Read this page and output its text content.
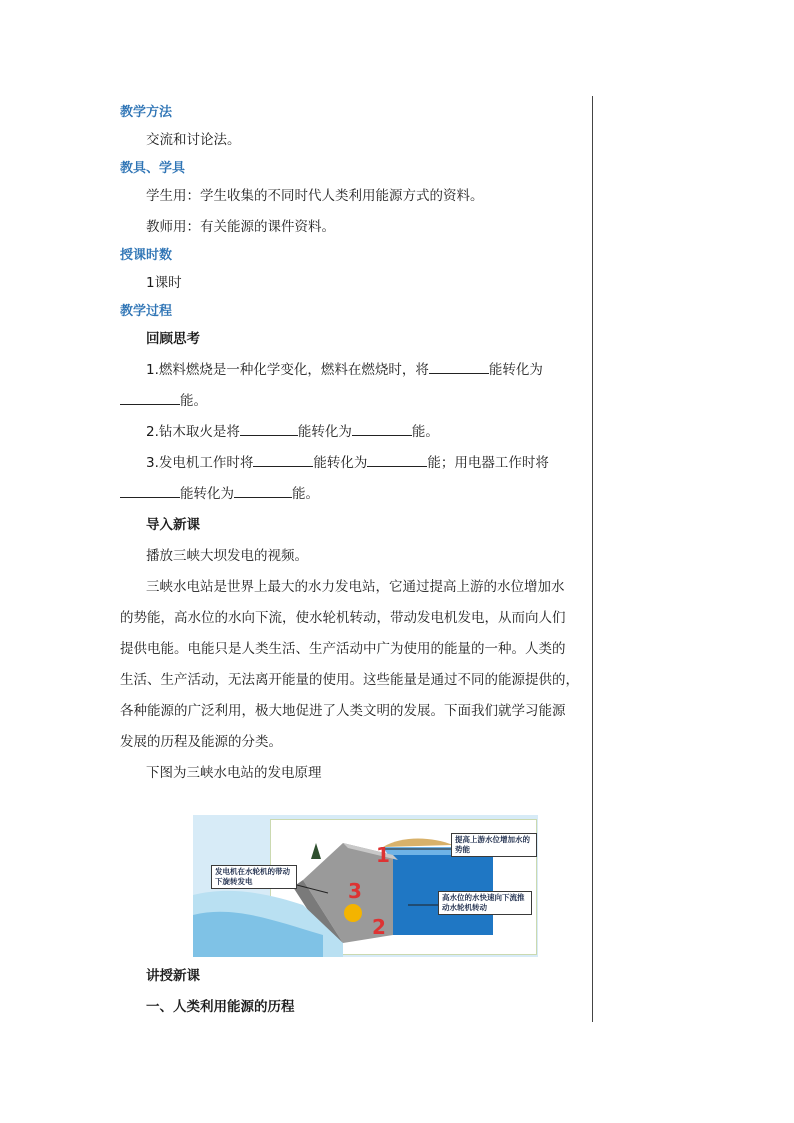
教学方法
交流和讨论法。
教具、学具
学生用：学生收集的不同时代人类利用能源方式的资料。
教师用：有关能源的课件资料。
授课时数
1课时
教学过程
回顾思考
1.燃料燃烧是一种化学变化，燃料在燃烧时，将	能转化为
能。
2.钻木取火是将	能转化为	能。
3.发电机工作时将	能转化为	能；用电器工作时将
能转化为	能。
导入新课
播放三峡大坝发电的视频。
三峡水电站是世界上最大的水力发电站，它通过提高上游的水位增加水
的势能，高水位的水向下流，使水轮机转动，带动发电机发电，从而向人们
提供电能。电能只是人类生活、生产活动中广为使用的能量的一种。人类的
生活、生产活动，无法离开能量的使用。这些能量是通过不同的能源提供的，
各种能源的广泛利用，极大地促进了人类文明的发展。下面我们就学习能源
发展的历程及能源的分类。
下图为三峡水电站的发电原理
1
2
3
提高上游水位增加水的势能
高水位的水快速向下流推动水轮机转动
发电机在水轮机的带动下旋转发电
讲授新课
一、人类利用能源的历程
